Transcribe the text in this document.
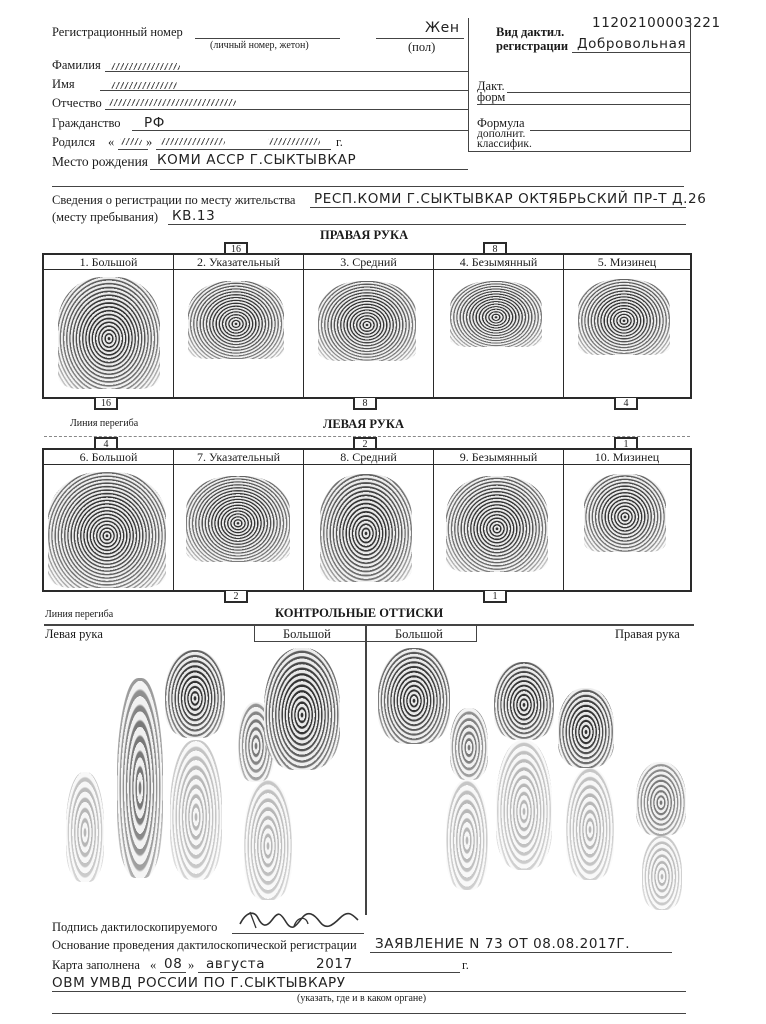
Регистрационный номер
(личный номер, жетон)
Жен
(пол)
11202100003221
Вид дактил.
регистрации Добровольная
Дакт.
форм
Формула
дополнит.
классифик.
Фамилия
Имя
Отчество
Гражданство РФ
Родился «	»	г.
Место рождения КОМИ АССР Г.СЫКТЫВКАР
Сведения о регистрации по месту жительства РЕСП.КОМИ Г.СЫКТЫВКАР ОКТЯБРЬСКИЙ ПР-Т Д.26
(месту пребывания) КВ.13
ПРАВАЯ РУКА
16	8
1. Большой	2. Указательный	3. Средний	4. Безымянный	5. Мизинец
16	8	4
Линия перегиба	ЛЕВАЯ РУКА
4	2	1
6. Большой	7. Указательный	8. Средний	9. Безымянный	10. Мизинец
2	1
Линия перегиба	КОНТРОЛЬНЫЕ ОТТИСКИ
Левая рука	Большой	Большой	Правая рука
Подпись дактилоскопируемого
Основание проведения дактилоскопической регистрации ЗАЯВЛЕНИЕ N 73 ОТ 08.08.2017Г.
Карта заполнена « 08 » августа	2017	г.
ОВМ УМВД РОССИИ ПО Г.СЫКТЫВКАРУ
(указать, где и в каком органе)
